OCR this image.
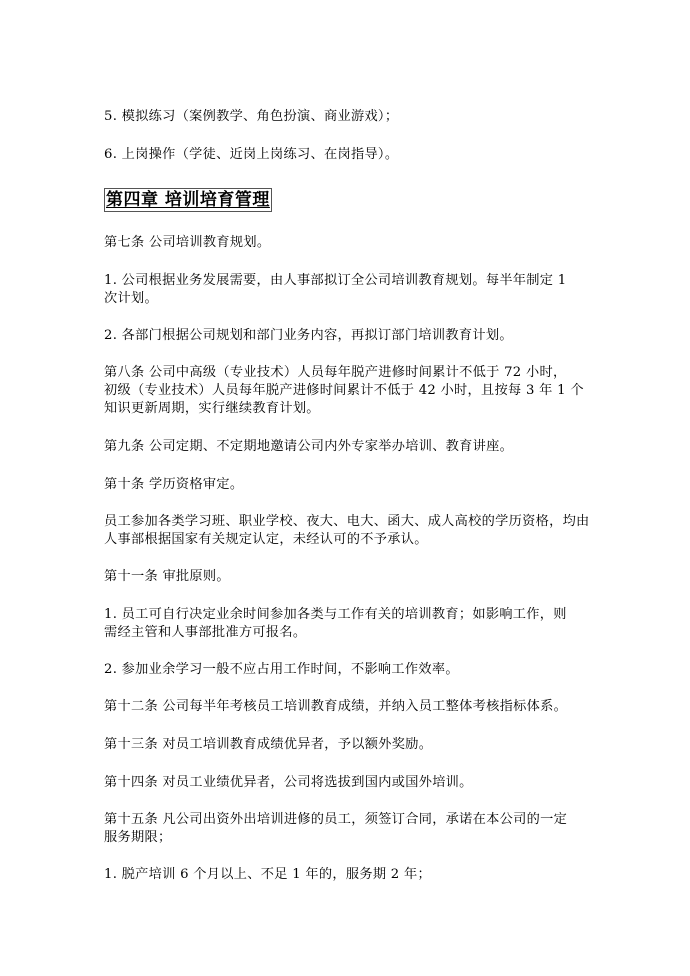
5. 模拟练习（案例教学、角色扮演、商业游戏）；
6. 上岗操作（学徒、近岗上岗练习、在岗指导）。
第四章 培训培育管理
第七条 公司培训教育规划。
1. 公司根据业务发展需要，由人事部拟订全公司培训教育规划。每半年制定 1
次计划。
2. 各部门根据公司规划和部门业务内容，再拟订部门培训教育计划。
第八条 公司中高级（专业技术）人员每年脱产进修时间累计不低于 72 小时，
初级（专业技术）人员每年脱产进修时间累计不低于 42 小时，且按每 3 年 1 个
知识更新周期，实行继续教育计划。
第九条 公司定期、不定期地邀请公司内外专家举办培训、教育讲座。
第十条 学历资格审定。
员工参加各类学习班、职业学校、夜大、电大、函大、成人高校的学历资格，均由
人事部根据国家有关规定认定，未经认可的不予承认。
第十一条 审批原则。
1. 员工可自行决定业余时间参加各类与工作有关的培训教育；如影响工作，则
需经主管和人事部批准方可报名。
2. 参加业余学习一般不应占用工作时间，不影响工作效率。
第十二条 公司每半年考核员工培训教育成绩，并纳入员工整体考核指标体系。
第十三条 对员工培训教育成绩优异者，予以额外奖励。
第十四条 对员工业绩优异者，公司将选拔到国内或国外培训。
第十五条 凡公司出资外出培训进修的员工，须签订合同，承诺在本公司的一定
服务期限；
1. 脱产培训 6 个月以上、不足 1 年的，服务期 2 年；
